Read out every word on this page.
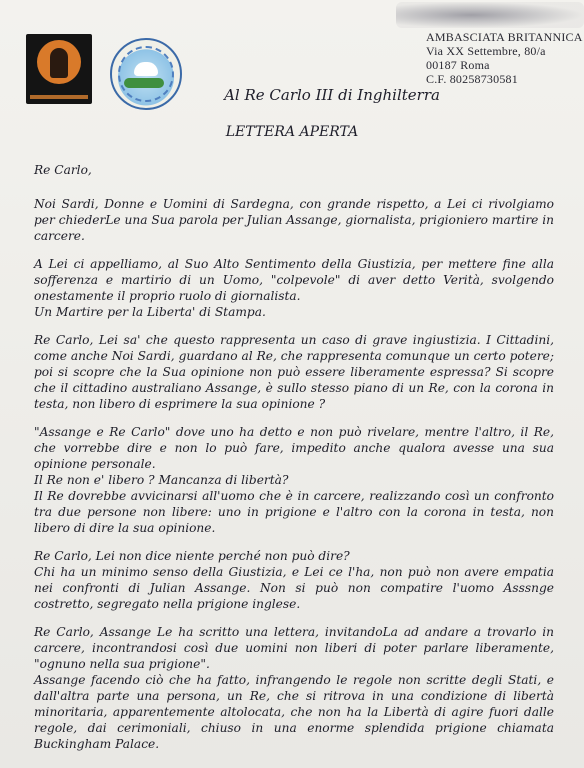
AMBASCIATA BRITANNICA
Via XX Settembre, 80/a
00187 Roma
C.F. 80258730581
Al Re Carlo III di Inghilterra
LETTERA APERTA

Re Carlo,

Noi Sardi, Donne e Uomini di Sardegna, con grande rispetto, a Lei ci rivolgiamo per chiederLe una Sua parola per Julian Assange, giornalista, prigioniero martire in carcere.

A Lei ci appelliamo, al Suo Alto Sentimento della Giustizia, per mettere fine alla sofferenza e martirio di un Uomo, "colpevole" di aver detto Verità, svolgendo onestamente il proprio ruolo di giornalista.
Un Martire per la Liberta' di Stampa.

Re Carlo, Lei sa' che questo rappresenta un caso di grave ingiustizia. I Cittadini, come anche Noi Sardi, guardano al Re, che rappresenta comunque un certo potere; poi si scopre che la Sua opinione non può essere liberamente espressa? Si scopre che il cittadino australiano Assange, è sullo stesso piano di un Re, con la corona in testa, non libero di esprimere la sua opinione ?

"Assange e Re Carlo" dove uno ha detto e non può rivelare, mentre l'altro, il Re, che vorrebbe dire e non lo può fare, impedito anche qualora avesse una sua opinione personale.
Il Re non e' libero ? Mancanza di libertà?
Il Re dovrebbe avvicinarsi all'uomo che è in carcere, realizzando così un confronto tra due persone non libere: uno in prigione e l'altro con la corona in testa, non libero di dire la sua opinione.

Re Carlo, Lei non dice niente perché non può dire?
Chi ha un minimo senso della Giustizia, e Lei ce l'ha, non può non avere empatia nei confronti di Julian Assange. Non si può non compatire l'uomo Asssnge costretto, segregato nella prigione inglese.

Re Carlo, Assange Le ha scritto una lettera, invitandoLa ad andare a trovarlo in carcere, incontrandosi così due uomini non liberi di poter parlare liberamente, "ognuno nella sua prigione".
Assange facendo ciò che ha fatto, infrangendo le regole non scritte degli Stati, e dall'altra parte una persona, un Re, che si ritrova in una condizione di libertà minoritaria, apparentemente altolocata, che non ha la Libertà di agire fuori dalle regole, dai cerimoniali, chiuso in una enorme splendida prigione chiamata Buckingham Palace.
